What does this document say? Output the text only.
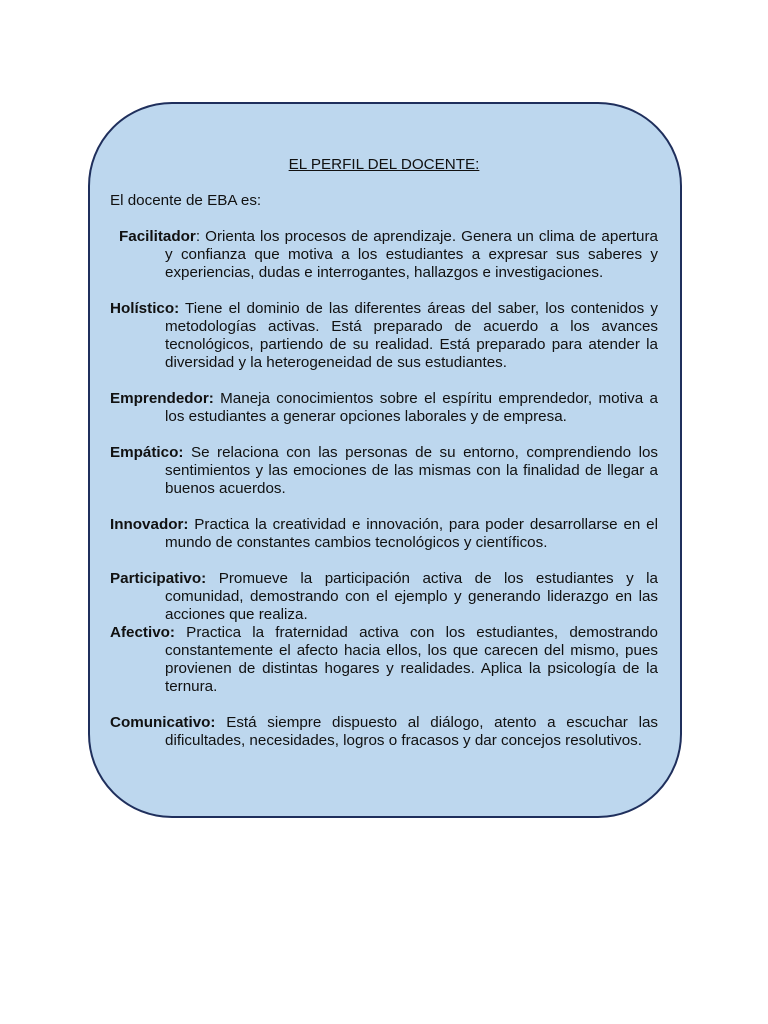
EL PERFIL DEL DOCENTE:
El docente de EBA es:
Facilitador: Orienta los procesos de aprendizaje. Genera un clima de apertura y confianza que motiva a los estudiantes a expresar sus saberes y experiencias, dudas e interrogantes, hallazgos e investigaciones.
Holístico: Tiene el dominio de las diferentes áreas del saber, los contenidos y metodologías activas. Está preparado de acuerdo a los avances tecnológicos, partiendo de su realidad. Está preparado para atender la diversidad y la heterogeneidad de sus estudiantes.
Emprendedor: Maneja conocimientos sobre el espíritu emprendedor, motiva a los estudiantes a generar opciones laborales y de empresa.
Empático: Se relaciona con las personas de su entorno, comprendiendo los sentimientos y las emociones de las mismas con la finalidad de llegar a buenos acuerdos.
Innovador: Practica la creatividad e innovación, para poder desarrollarse en el mundo de constantes cambios tecnológicos y científicos.
Participativo: Promueve la participación activa de los estudiantes y la comunidad, demostrando con el ejemplo y generando liderazgo en las acciones que realiza.
Afectivo: Practica la fraternidad activa con los estudiantes, demostrando constantemente el afecto hacia ellos, los que carecen del mismo, pues provienen de distintas hogares y realidades. Aplica la psicología de la ternura.
Comunicativo: Está siempre dispuesto al diálogo, atento a escuchar las dificultades, necesidades, logros o fracasos y dar concejos resolutivos.
